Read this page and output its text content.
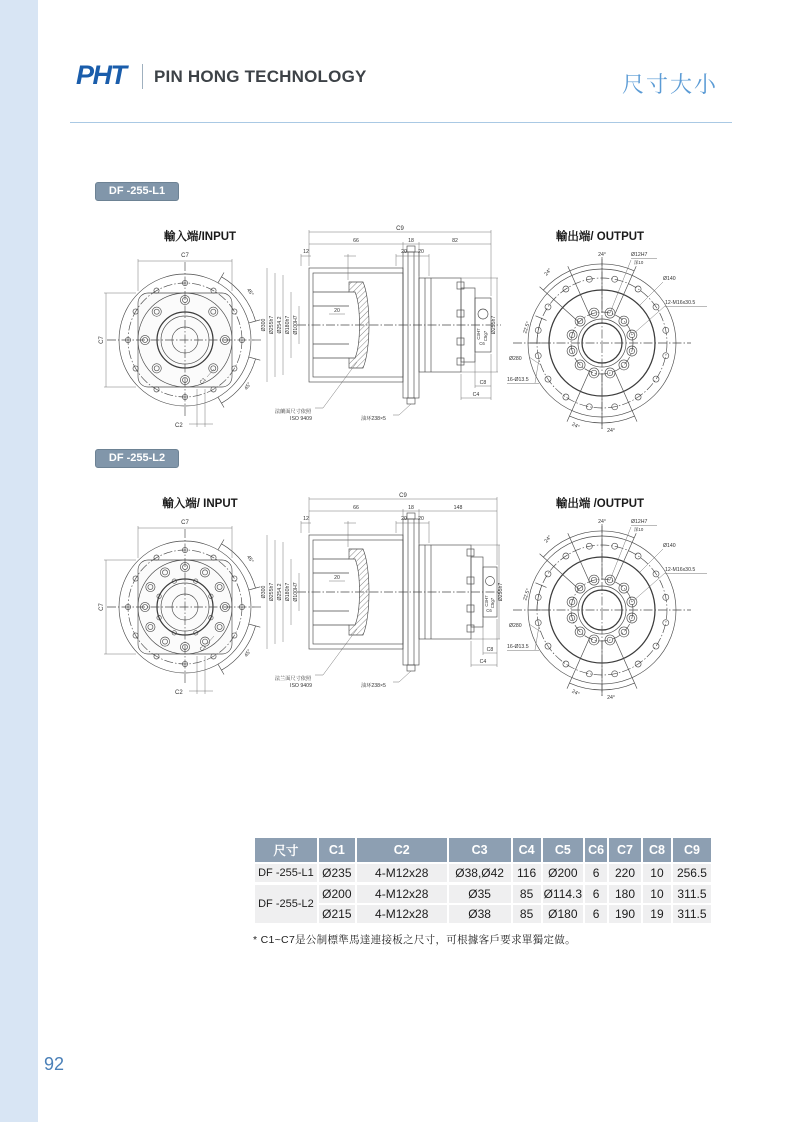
PHT PIN HONG TECHNOLOGY	尺寸大小
DF -255-L1
輸入端/INPUT	輸出端/ OUTPUT
C7
C7
C1
C2
45°
45°
C9
66	18	82
12	20 20
Ø300 Ø255h7 Ø254.2 Ø180h7 Ø100H7
20
C3H7 C5g7
Ø255h7
C6
C8
C4
法蘭面尺寸依照
ISO 9409	油环238×5
Ø12H7
深10
Ø140
12-M16x30.5
22.5°
Ø280
16-Ø13.5
24°
24°
24°
24°
DF -255-L2
輸入端/ INPUT	輸出端 /OUTPUT
C7
C7
C1
C2
45°
45°
C9
66	18	148
12	20 20
Ø300 Ø255h7 Ø254.2 Ø180h7 Ø100H7
20
C3H7 C5g7
Ø255h7
C6
C8
C4
法兰面尺寸依照
ISO 9409	油环238×5
Ø12H7
深10
Ø140
12-M16x30.5
22.5°
Ø280
16-Ø13.5
24°
24°
24°
24°
尺寸	C1	C2	C3	C4	C5	C6	C7	C8	C9
DF -255-L1	Ø235	4-M12x28	Ø38,Ø42	116	Ø200	6	220	10	256.5
DF -255-L2	Ø200	4-M12x28	Ø35	85	Ø114.3	6	180	10	311.5
	Ø215	4-M12x28	Ø38	85	Ø180	6	190	19	311.5
* C1~C7是公制標準馬達連接板之尺寸，可根據客戶要求單獨定做。
92
